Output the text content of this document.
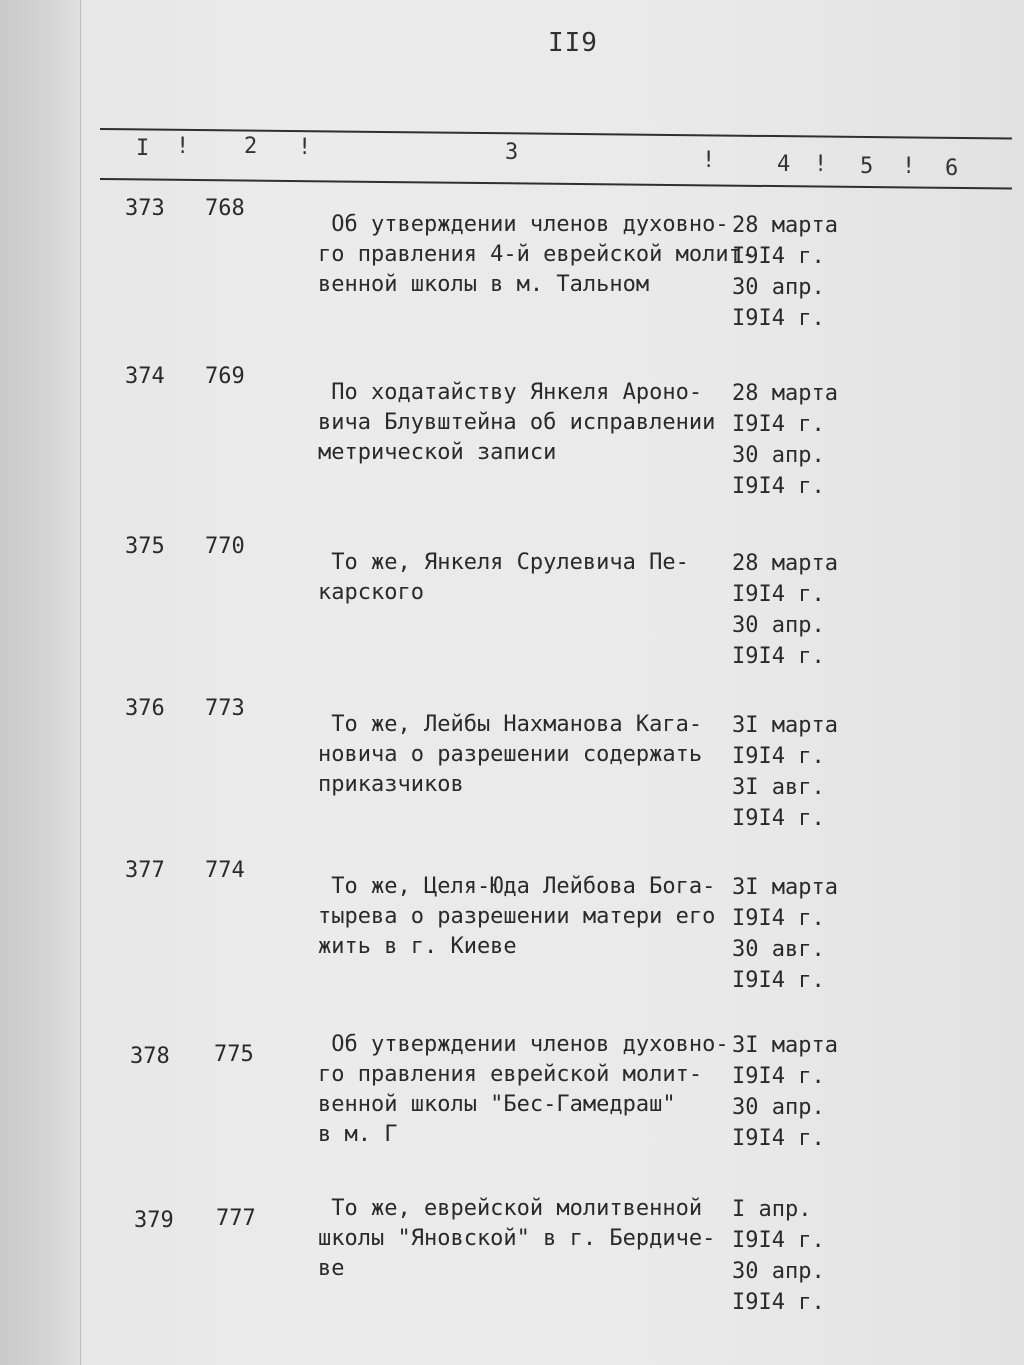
II9
I ! 2 !	3	!	4 ! 5 ! 6
373 768
Об утверждении членов духовно-
го правления 4-й еврейской молит-
венной школы в м. Тальном
28 марта
I9I4 г.
30 апр.
I9I4 г.
374 769
По ходатайству Янкеля Ароно-
вича Блувштейна об исправлении
метрической записи
28 марта
I9I4 г.
30 апр.
I9I4 г.
375 770
То же, Янкеля Срулевича Пе-
карского
28 марта
I9I4 г.
30 апр.
I9I4 г.
376 773
То же, Лейбы Нахманова Кага-
новича о разрешении содержать
приказчиков
3I марта
I9I4 г.
3I авг.
I9I4 г.
377 774
То же, Целя-Юда Лейбова Бога-
тырева о разрешении матери его
жить в г. Киеве
3I марта
I9I4 г.
30 авг.
I9I4 г.
378 775	Об утверждении членов духовно-
го правления еврейской молит-
венной школы "Бес-Гамедраш"
в м. Г
3I марта
I9I4 г.
30 апр.
I9I4 г.
379 777	То же, еврейской молитвенной
школы "Яновской" в г. Бердиче-
ве
I апр.
I9I4 г.
30 апр.
I9I4 г.
